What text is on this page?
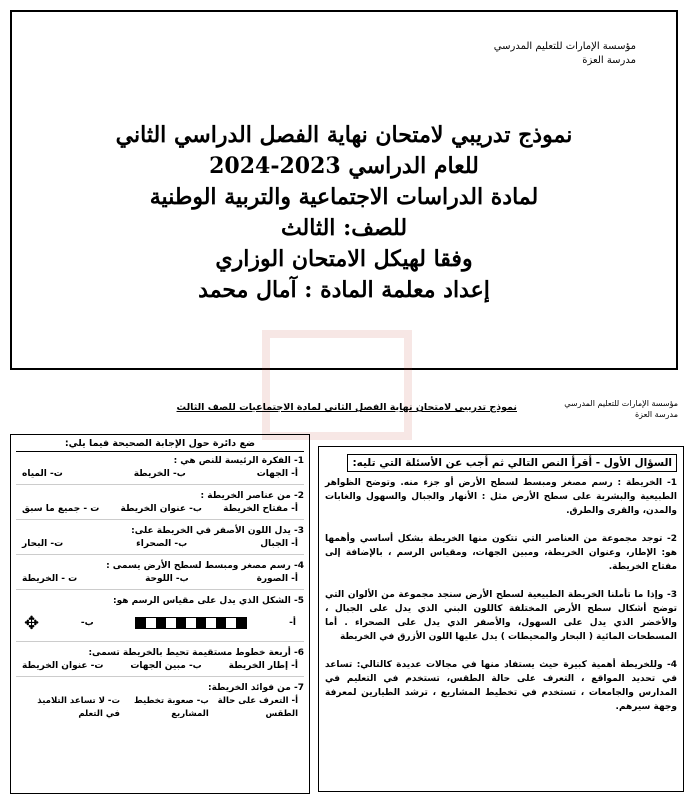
مؤسسة الإمارات للتعليم المدرسي
مدرسة العزة
نموذج تدريبي لامتحان نهاية الفصل الدراسي الثاني
للعام الدراسي 2023-2024
لمادة الدراسات الاجتماعية والتربية الوطنية
للصف: الثالث
وفقا لهيكل الامتحان الوزاري
إعداد معلمة المادة : آمال محمد
مؤسسة الإمارات للتعليم المدرسي
مدرسة العزة
نموذج تدريبي لامتحان نهاية الفصل الثاني لمادة الاجتماعيات للصف الثالث
السؤال الأول - أقرأ النص التالي ثم أجب عن الأسئلة التي تليه:
1- الخريطة : رسم مصغر ومبسط لسطح الأرض أو جزء منه. وتوضح الظواهر الطبيعية والبشرية على سطح الأرض مثل : الأنهار والجبال والسهول والغابات والمدن، والقرى والطرق.
2- توجد مجموعة من العناصر التي تتكون منها الخريطة بشكل أساسي وأهمها هو: الإطار، وعنوان الخريطة، ومبين الجهات، ومقياس الرسم ، بالإضافة إلى مفتاح الخريطة.
3- وإذا ما تأملنا الخريطة الطبيعية لسطح الأرض سنجد مجموعة من الألوان التي توضح أشكال سطح الأرض المختلفة كاللون البني الذي يدل على الجبال ، والأخضر الذي يدل على السهول، والأصفر الذي يدل على الصحراء . أما المسطحات المائية ( البحار والمحيطات ) يدل عليها اللون الأزرق في الخريطة
4- وللخريطة أهمية كبيرة حيث يستفاد منها في مجالات عديدة كالتالي: تساعد في تحديد المواقع ، التعرف على حالة الطقس، تستخدم في التعليم في المدارس والجامعات ، تستخدم في تخطيط المشاريع ، ترشد الطيارين لمعرفة وجهة سيرهم.
ضع دائرة حول الإجابة الصحيحة فيما يلي:
1- الفكرة الرئيسة للنص هي :
أ- الجهات
ب- الخريطة
ت- المياه
2- من عناصر الخريطة :
أ- مفتاح الخريطة
ب- عنوان الخريطة
ت - جميع ما سبق
3- يدل اللون الأصفر في الخريطة على:
أ- الجبال
ب- الصحراء
ت- البحار
4- رسم مصغر ومبسط لسطح الأرض يسمى :
أ- الصورة
ب- اللوحة
ت - الخريطة
5- الشكل الذي يدل على مقياس الرسم هو:
أ-
ب-
✥
6- أربعة خطوط مستقيمة تحيط بالخريطة تسمى:
أ- إطار الخريطة
ب- مبين الجهات
ت- عنوان الخريطة
7- من فوائد الخريطة:
أ- التعرف على حالة الطقس
ب- صعوبة تخطيط المشاريع
ت- لا تساعد التلاميذ في التعلم
